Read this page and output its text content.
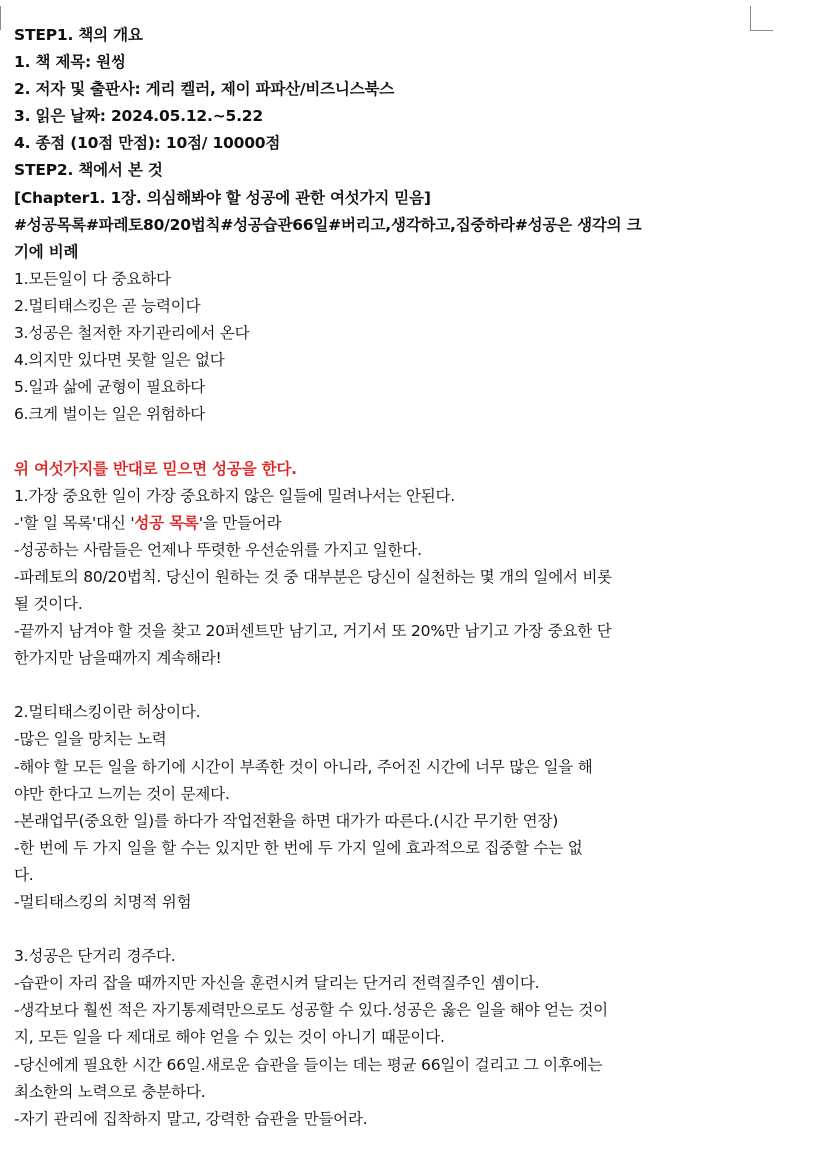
STEP1. 책의 개요
1. 책 제목: 원씽
2. 저자 및 출판사: 게리 켈러, 제이 파파산/비즈니스북스
3. 읽은 날짜: 2024.05.12.~5.22
4. 종점 (10점 만점): 10점/ 10000점
STEP2. 책에서 본 것
[Chapter1. 1장. 의심해봐야 할 성공에 관한 여섯가지 믿음]
#성공목록#파레토80/20법칙#성공습관66일#버리고,생각하고,집중하라#성공은 생각의 크
기에 비례
1.모든일이 다 중요하다
2.멀티태스킹은 곧 능력이다
3.성공은 철저한 자기관리에서 온다
4.의지만 있다면 못할 일은 없다
5.일과 삶에 균형이 필요하다
6.크게 벌이는 일은 위험하다
위 여섯가지를 반대로 믿으면 성공을 한다.
1.가장 중요한 일이 가장 중요하지 않은 일들에 밀려나서는 안된다.
-'할 일 목록'대신 '성공 목록'을 만들어라
-성공하는 사람들은 언제나 뚜렷한 우선순위를 가지고 일한다.
-파레토의 80/20법칙. 당신이 원하는 것 중 대부분은 당신이 실천하는 몇 개의 일에서 비롯
될 것이다.
-끝까지 남겨야 할 것을 찾고 20퍼센트만 남기고, 거기서 또 20%만 남기고 가장 중요한 단
한가지만 남을때까지 계속해라!
2.멀티태스킹이란 허상이다.
-많은 일을 망치는 노력
-해야 할 모든 일을 하기에 시간이 부족한 것이 아니라, 주어진 시간에 너무 많은 일을 해
야만 한다고 느끼는 것이 문제다.
-본래업무(중요한 일)를 하다가 작업전환을 하면 대가가 따른다.(시간 무기한 연장)
-한 번에 두 가지 일을 할 수는 있지만 한 번에 두 가지 일에 효과적으로 집중할 수는 없
다.
-멀티태스킹의 치명적 위험
3.성공은 단거리 경주다.
-습관이 자리 잡을 때까지만 자신을 훈련시켜 달리는 단거리 전력질주인 셈이다.
-생각보다 훨씬 적은 자기통제력만으로도 성공할 수 있다.성공은 옳은 일을 해야 얻는 것이
지, 모든 일을 다 제대로 해야 얻을 수 있는 것이 아니기 때문이다.
-당신에게 필요한 시간 66일.새로운 습관을 들이는 데는 평균 66일이 걸리고 그 이후에는
최소한의 노력으로 충분하다.
-자기 관리에 집착하지 말고, 강력한 습관을 만들어라.
